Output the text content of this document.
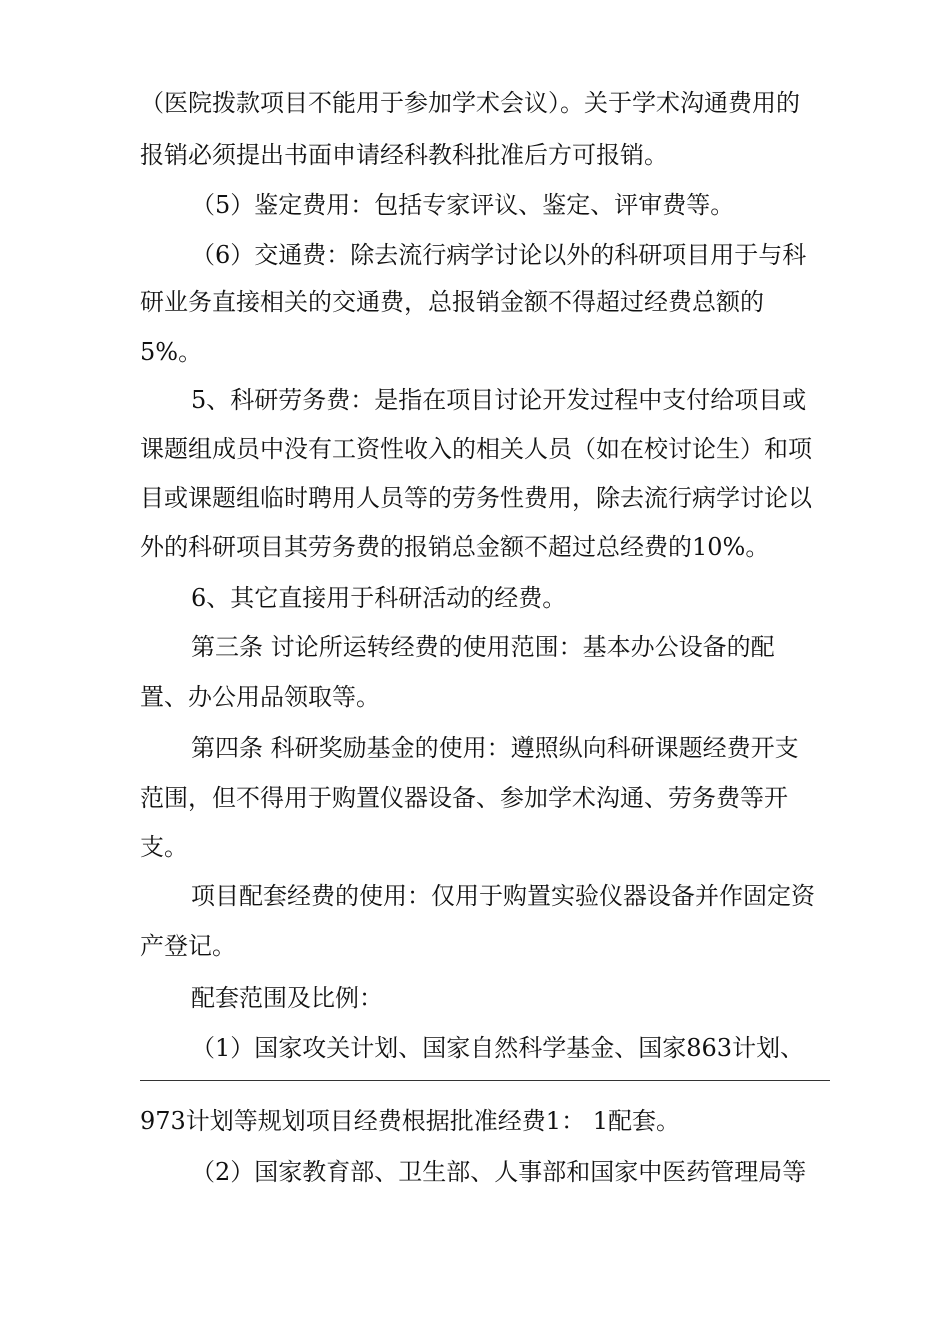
（医院拨款项目不能用于参加学术会议）。关于学术沟通费用的
报销必须提出书面申请经科教科批准后方可报销。
（5）鉴定费用：包括专家评议、鉴定、评审费等。
（6）交通费：除去流行病学讨论以外的科研项目用于与科
研业务直接相关的交通费，总报销金额不得超过经费总额的
5%。
5、科研劳务费：是指在项目讨论开发过程中支付给项目或
课题组成员中没有工资性收入的相关人员（如在校讨论生）和项
目或课题组临时聘用人员等的劳务性费用，除去流行病学讨论以
外的科研项目其劳务费的报销总金额不超过总经费的10%。
6、其它直接用于科研活动的经费。
第三条 讨论所运转经费的使用范围：基本办公设备的配
置、办公用品领取等。
第四条 科研奖励基金的使用：遵照纵向科研课题经费开支
范围，但不得用于购置仪器设备、参加学术沟通、劳务费等开
支。
项目配套经费的使用：仅用于购置实验仪器设备并作固定资
产登记。
配套范围及比例：
（1）国家攻关计划、国家自然科学基金、国家863计划、
973计划等规划项目经费根据批准经费1： 1配套。
（2）国家教育部、卫生部、人事部和国家中医药管理局等
